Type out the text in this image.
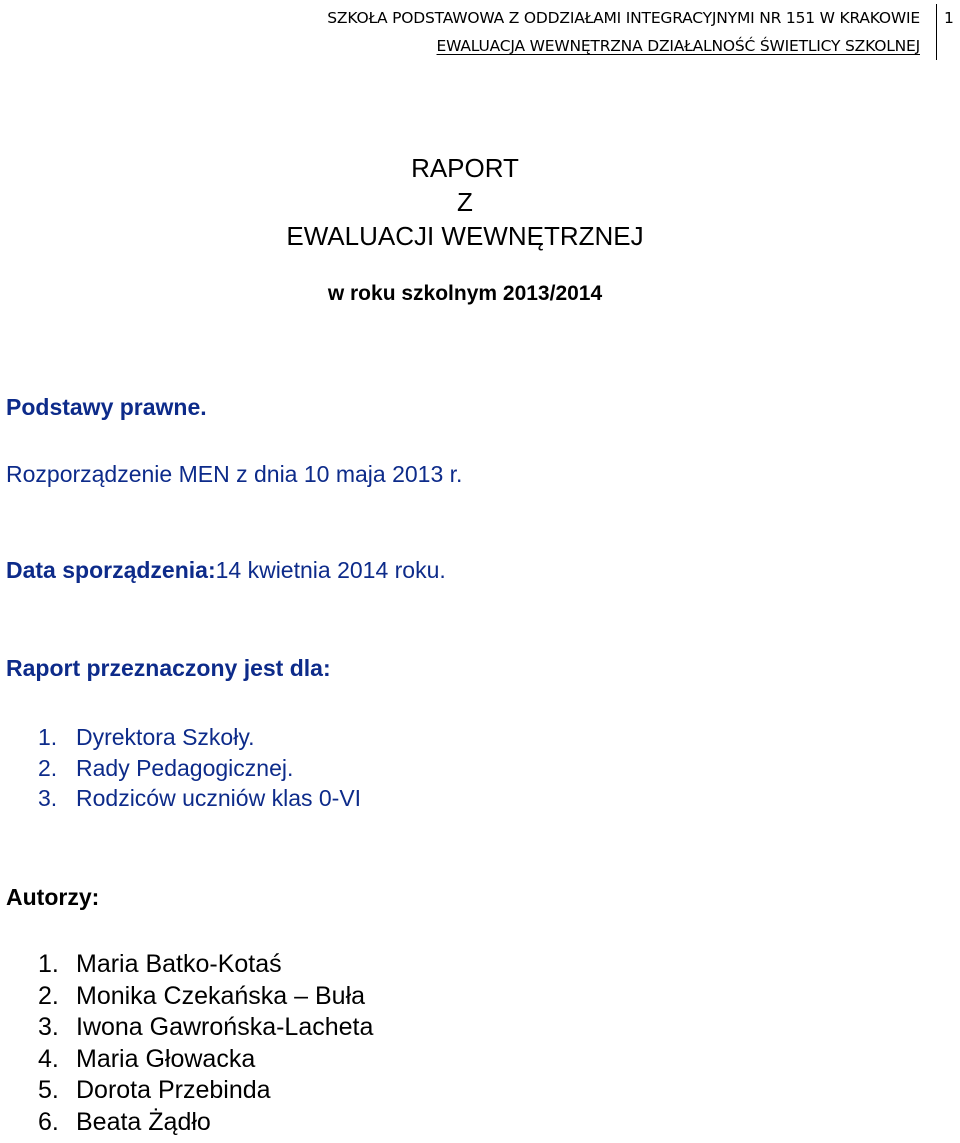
SZKOŁA PODSTAWOWA Z ODDZIAŁAMI INTEGRACYJNYMI NR 151 W KRAKOWIE
EWALUACJA WEWNĘTRZNA DZIAŁALNOŚĆ ŚWIETLICY SZKOLNEJ
1
RAPORT
Z
EWALUACJI WEWNĘTRZNEJ
w roku szkolnym 2013/2014
Podstawy prawne.
Rozporządzenie MEN z dnia 10 maja 2013 r.
Data sporządzenia:14 kwietnia 2014 roku.
Raport przeznaczony jest dla:
1. Dyrektora Szkoły.
2. Rady Pedagogicznej.
3. Rodziców uczniów klas 0-VI
Autorzy:
1. Maria Batko-Kotaś
2. Monika Czekańska – Buła
3. Iwona Gawrońska-Lacheta
4. Maria Głowacka
5. Dorota Przebinda
6. Beata Żądło
